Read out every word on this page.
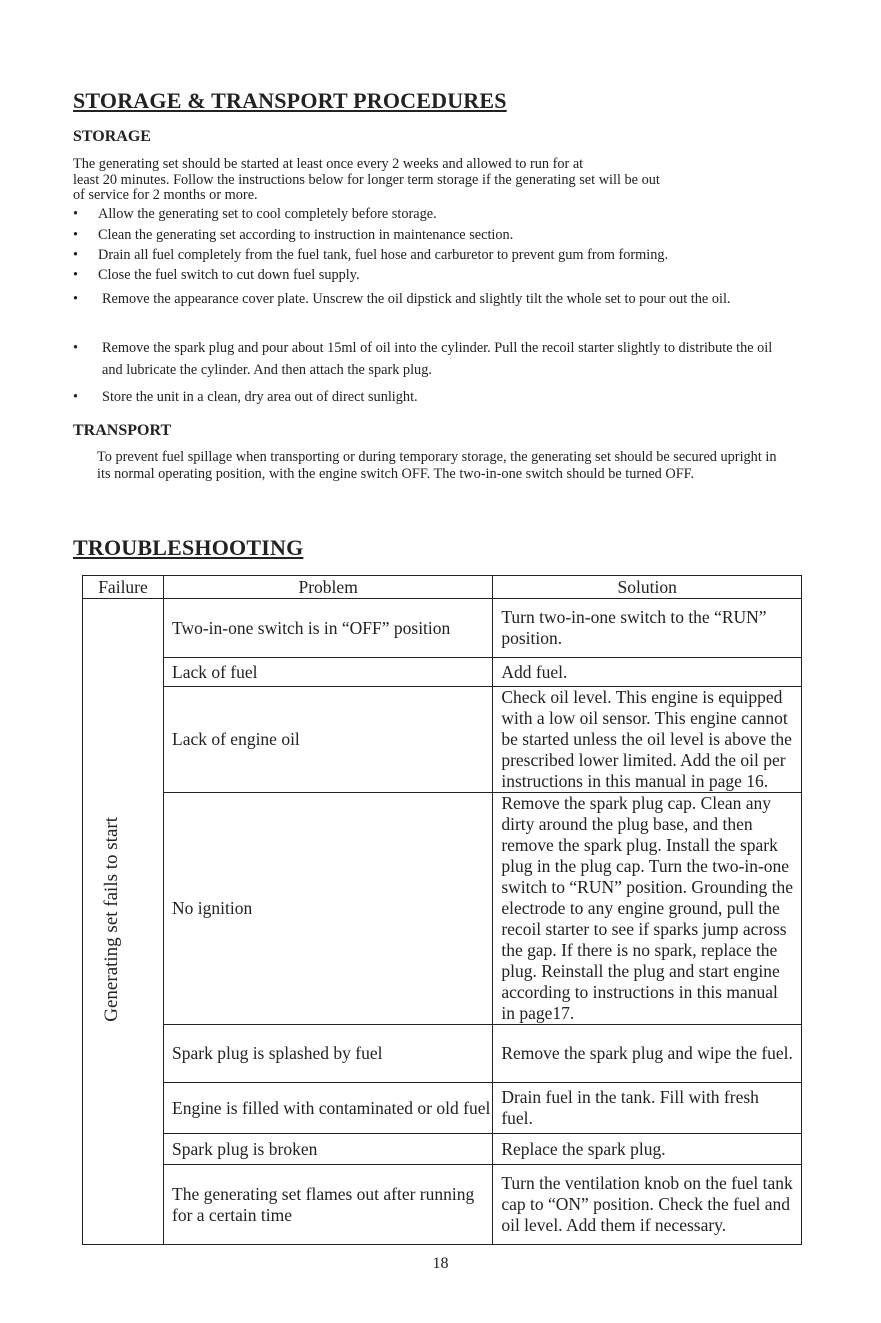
STORAGE & TRANSPORT PROCEDURES
STORAGE
The generating set should be started at least once every 2 weeks and allowed to run for at
least 20 minutes. Follow the instructions below for longer term storage if the generating set will be out
of service for 2 months or more.
•	Allow the generating set to cool completely before storage.
•	Clean the generating set according to instruction in maintenance section.
•	Drain all fuel completely from the fuel tank, fuel hose and carburetor to prevent gum from forming.
•	Close the fuel switch to cut down fuel supply.
•	Remove the appearance cover plate. Unscrew the oil dipstick and slightly tilt the whole set to pour out the oil.
•	Remove the spark plug and pour about 15ml of oil into the cylinder. Pull the recoil starter slightly to distribute the oil and lubricate the cylinder. And then attach the spark plug.
•	Store the unit in a clean, dry area out of direct sunlight.
TRANSPORT
To prevent fuel spillage when transporting or during temporary storage, the generating set should be secured upright in its normal operating position, with the engine switch OFF. The two-in-one switch should be turned OFF.
TROUBLESHOOTING
Failure	Problem	Solution
Generating set fails to start	Two-in-one switch is in “OFF” position	Turn two-in-one switch to the “RUN” position.
	Lack of fuel	Add fuel.
	Lack of engine oil	Check oil level. This engine is equipped with a low oil sensor. This engine cannot be started unless the oil level is above the prescribed lower limited. Add the oil per instructions in this manual in page 16.
	No ignition	Remove the spark plug cap. Clean any dirty around the plug base, and then remove the spark plug. Install the spark plug in the plug cap. Turn the two-in-one switch to “RUN” position. Grounding the electrode to any engine ground, pull the recoil starter to see if sparks jump across the gap. If there is no spark, replace the plug. Reinstall the plug and start engine according to instructions in this manual in page17.
	Spark plug is splashed by fuel	Remove the spark plug and wipe the fuel.
	Engine is filled with contaminated or old fuel	Drain fuel in the tank. Fill with fresh fuel.
	Spark plug is broken	Replace the spark plug.
	The generating set flames out after running for a certain time	Turn the ventilation knob on the fuel tank cap to “ON” position. Check the fuel and oil level. Add them if necessary.
18
